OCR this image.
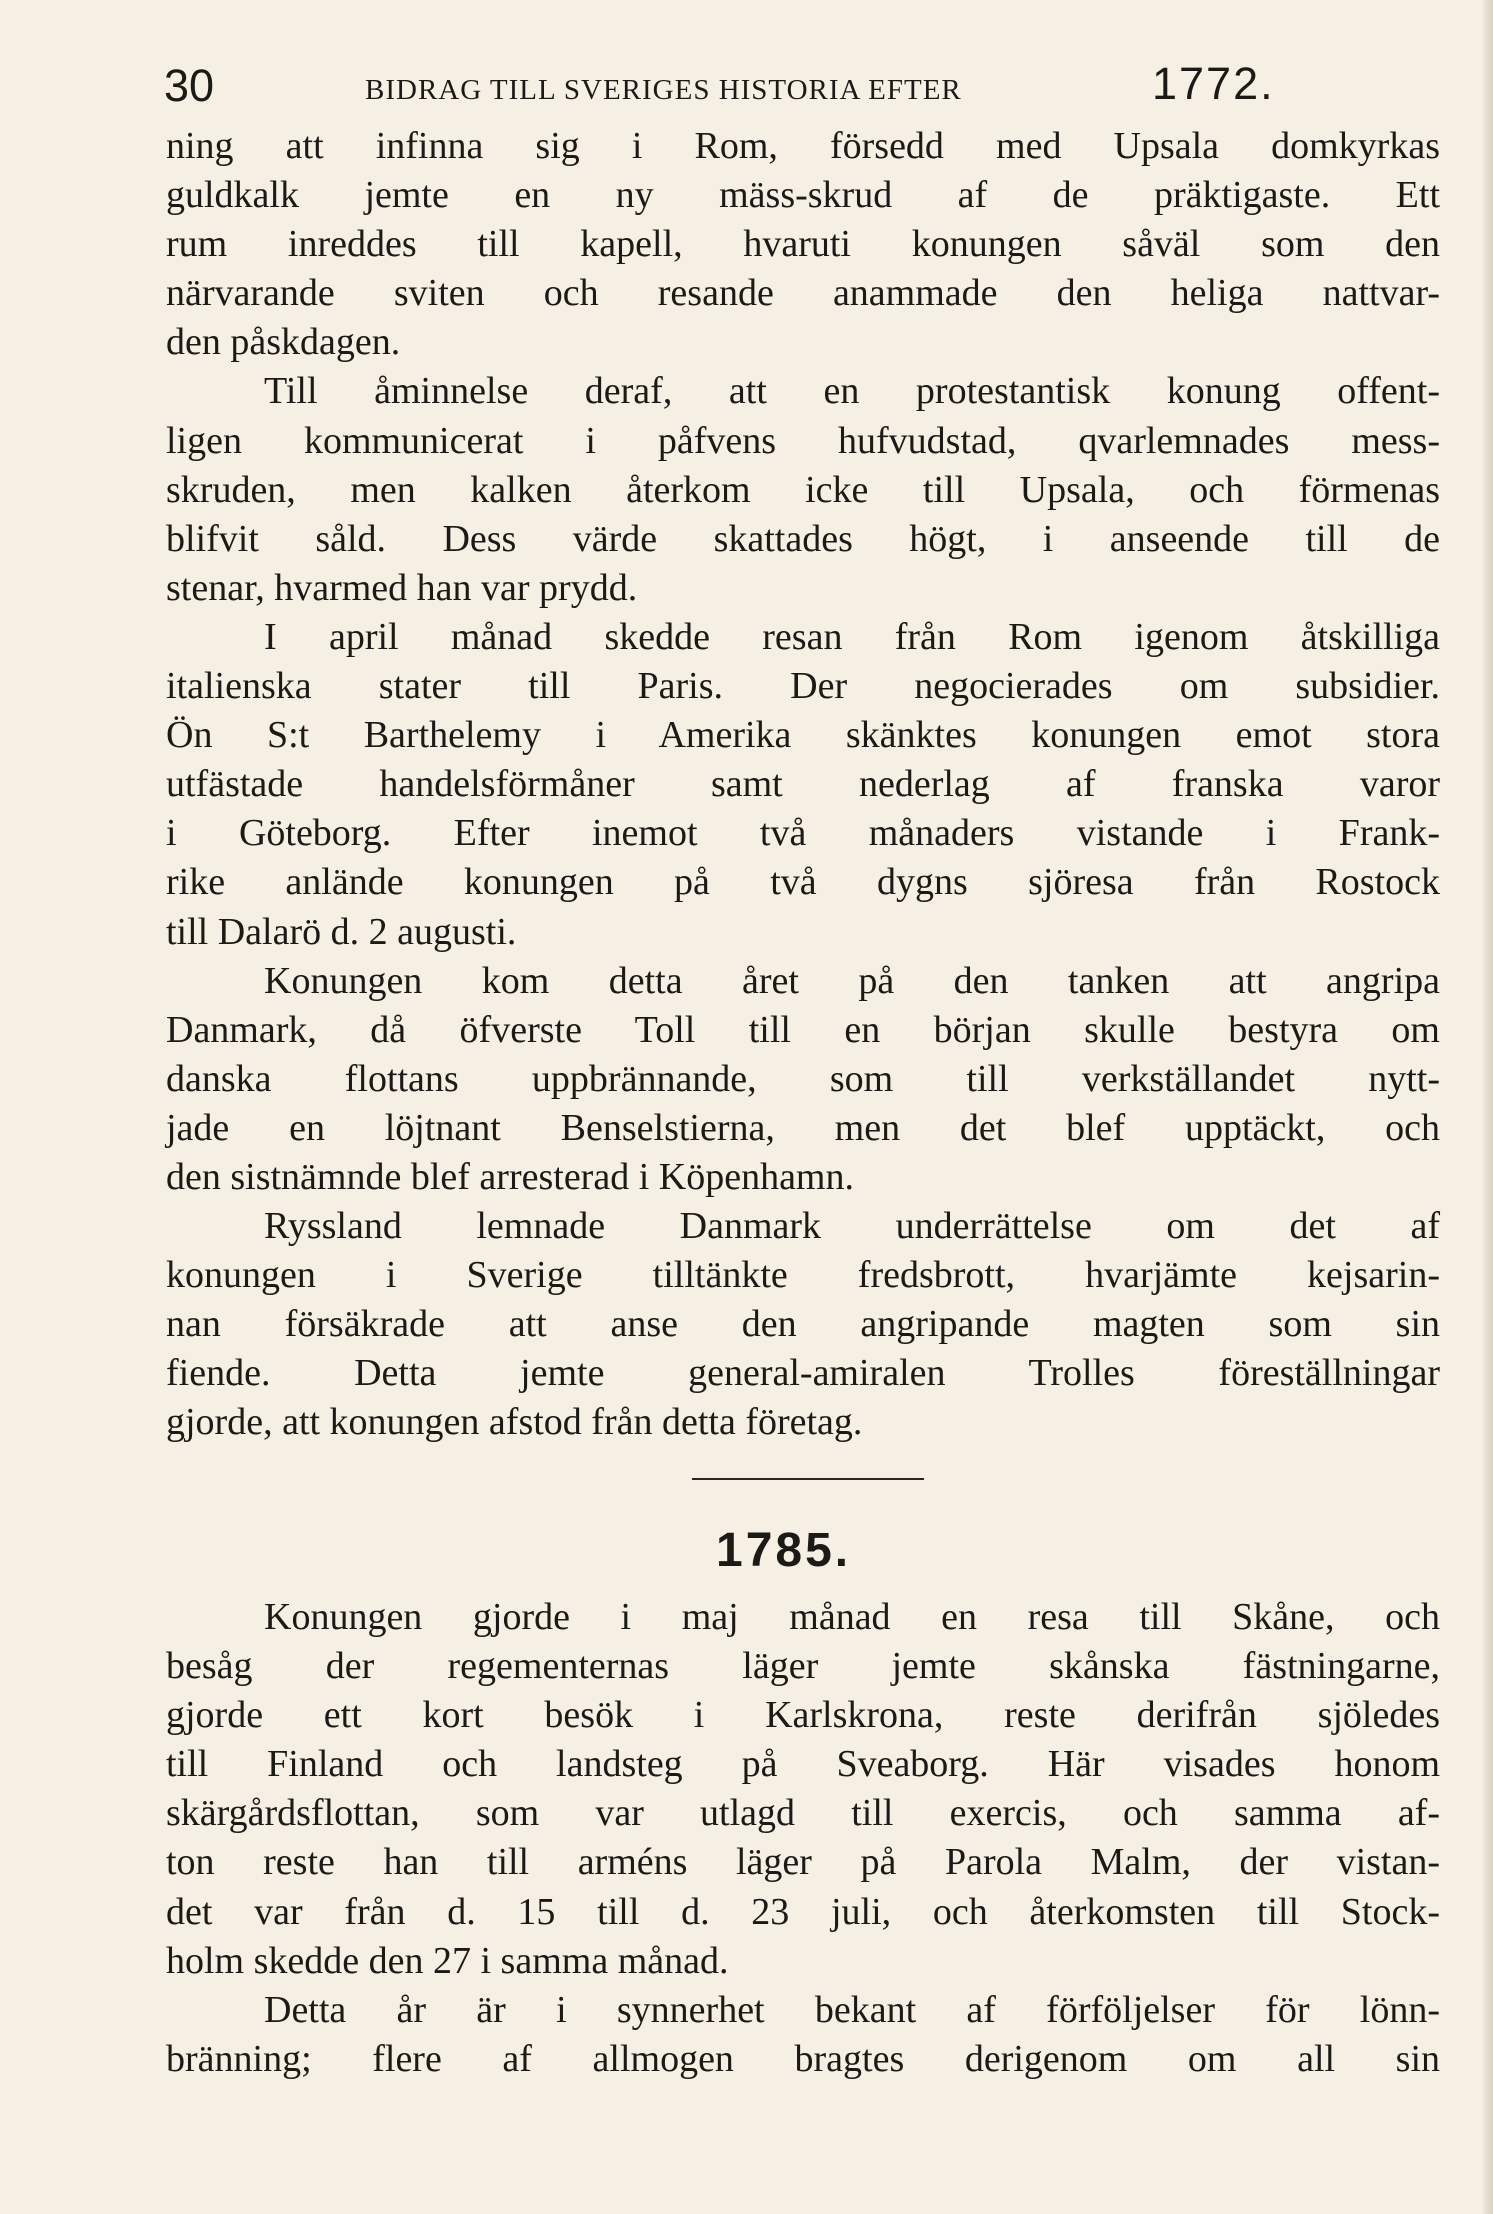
30	BIDRAG TILL SVERIGES HISTORIA EFTER	1772.
ning att infinna sig i Rom, försedd med Upsala domkyrkas
guldkalk jemte en ny mäss-skrud af de präktigaste. Ett
rum inreddes till kapell, hvaruti konungen såväl som den
närvarande sviten och resande anammade den heliga nattvar-
den påskdagen.
Till åminnelse deraf, att en protestantisk konung offent-
ligen kommunicerat i påfvens hufvudstad, qvarlemnades mess-
skruden, men kalken återkom icke till Upsala, och förmenas
blifvit såld. Dess värde skattades högt, i anseende till de
stenar, hvarmed han var prydd.
I april månad skedde resan från Rom igenom åtskilliga
italienska stater till Paris. Der negocierades om subsidier.
Ön S:t Barthelemy i Amerika skänktes konungen emot stora
utfästade handelsförmåner samt nederlag af franska varor
i Göteborg. Efter inemot två månaders vistande i Frank-
rike anlände konungen på två dygns sjöresa från Rostock
till Dalarö d. 2 augusti.
Konungen kom detta året på den tanken att angripa
Danmark, då öfverste Toll till en början skulle bestyra om
danska flottans uppbrännande, som till verkställandet nytt-
jade en löjtnant Benselstierna, men det blef upptäckt, och
den sistnämnde blef arresterad i Köpenhamn.
Ryssland lemnade Danmark underrättelse om det af
konungen i Sverige tilltänkte fredsbrott, hvarjämte kejsarin-
nan försäkrade att anse den angripande magten som sin
fiende. Detta jemte general-amiralen Trolles föreställningar
gjorde, att konungen afstod från detta företag.
1785.
Konungen gjorde i maj månad en resa till Skåne, och
besåg der regementernas läger jemte skånska fästningarne,
gjorde ett kort besök i Karlskrona, reste derifrån sjöledes
till Finland och landsteg på Sveaborg. Här visades honom
skärgårdsflottan, som var utlagd till exercis, och samma af-
ton reste han till arméns läger på Parola Malm, der vistan-
det var från d. 15 till d. 23 juli, och återkomsten till Stock-
holm skedde den 27 i samma månad.
Detta år är i synnerhet bekant af förföljelser för lönn-
bränning; flere af allmogen bragtes derigenom om all sin
